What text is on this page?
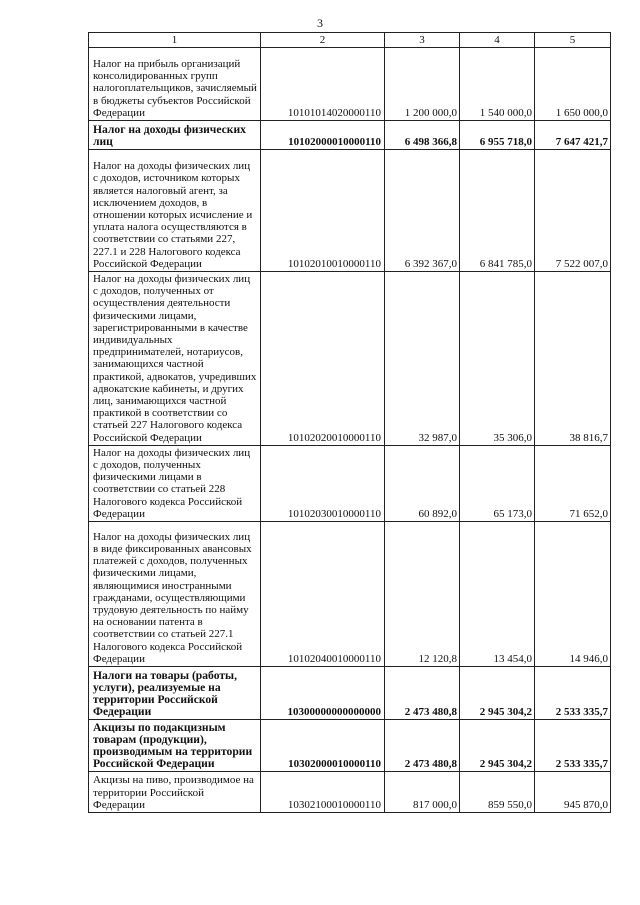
3
1	2	3	4	5
Налог на прибыль организаций консолидированных групп налогоплательщиков, зачисляемый в бюджеты субъектов Российской Федерации	10101014020000110	1 200 000,0	1 540 000,0	1 650 000,0
Налог на доходы физических лиц	10102000010000110	6 498 366,8	6 955 718,0	7 647 421,7
Налог на доходы физических лиц с доходов, источником которых является налоговый агент, за исключением доходов, в отношении которых исчисление и уплата налога осуществляются в соответствии со статьями 227, 227.1 и 228 Налогового кодекса Российской Федерации	10102010010000110	6 392 367,0	6 841 785,0	7 522 007,0
Налог на доходы физических лиц с доходов, полученных от осуществления деятельности физическими лицами, зарегистрированными в качестве индивидуальных предпринимателей, нотариусов, занимающихся частной практикой, адвокатов, учредивших адвокатские кабинеты, и других лиц, занимающихся частной практикой в соответствии со статьей 227 Налогового кодекса Российской Федерации	10102020010000110	32 987,0	35 306,0	38 816,7
Налог на доходы физических лиц с доходов, полученных физическими лицами в соответствии со статьей 228 Налогового кодекса Российской Федерации	10102030010000110	60 892,0	65 173,0	71 652,0
Налог на доходы физических лиц в виде фиксированных авансовых платежей с доходов, полученных физическими лицами, являющимися иностранными гражданами, осуществляющими трудовую деятельность по найму на основании патента в соответствии со статьей 227.1 Налогового кодекса Российской Федерации	10102040010000110	12 120,8	13 454,0	14 946,0
Налоги на товары (работы, услуги), реализуемые на территории Российской Федерации	10300000000000000	2 473 480,8	2 945 304,2	2 533 335,7
Акцизы по подакцизным товарам (продукции), производимым на территории Российской Федерации	10302000010000110	2 473 480,8	2 945 304,2	2 533 335,7
Акцизы на пиво, производимое на территории Российской Федерации	10302100010000110	817 000,0	859 550,0	945 870,0
